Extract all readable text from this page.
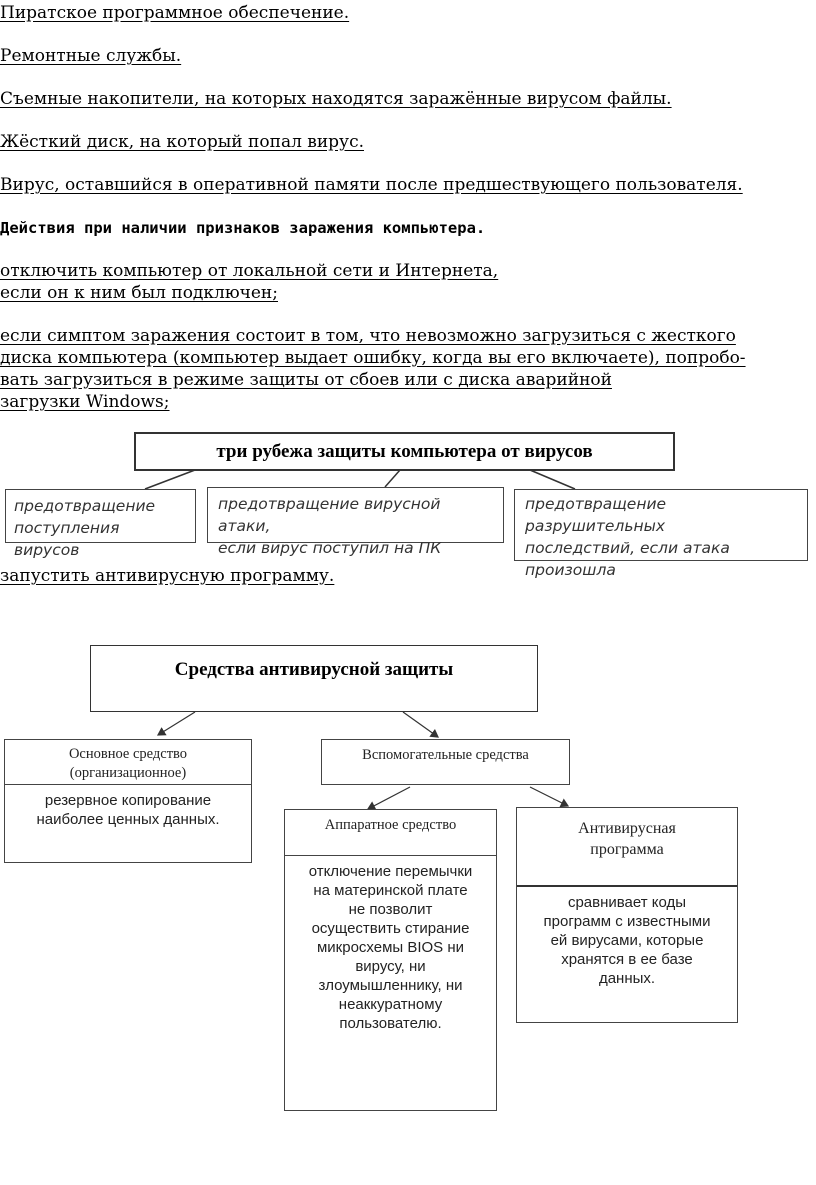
Пиратское программное обеспечение.

Ремонтные службы.

Съемные накопители, на которых находятся заражённые вирусом файлы.

Жёсткий диск, на который попал вирус.

Вирус, оставшийся в оперативной памяти после предшествующего пользователя.

Действия при наличии признаков заражения компьютера.

отключить компьютер от локальной сети и Интернета,
если он к ним был подключен;
если симптом заражения состоит в том, что невозможно загрузиться с жесткого
диска компьютера (компьютер выдает ошибку, когда вы его включаете), попробо-
вать загрузиться в режиме защиты от сбоев или с диска аварийной
загрузки Windows;
три рубежа защиты компьютера от вирусов
предотвращение
поступления вирусов
предотвращение вирусной атаки,
если вирус поступил на ПК
предотвращение разрушительных
последствий, если атака
произошла

запустить антивирусную программу.

Средства антивирусной защиты
Основное средство
(организационное)
резервное копирование
наиболее ценных данных.
Вспомогательные средства
Аппаратное средство
отключение перемычки
на материнской плате
не позволит
осуществить стирание
микросхемы BIOS ни
вирусу, ни
злоумышленнику, ни
неаккуратному
пользователю.
Антивирусная
программа
сравнивает коды
программ с известными
ей вирусами, которые
хранятся в ее базе
данных.
